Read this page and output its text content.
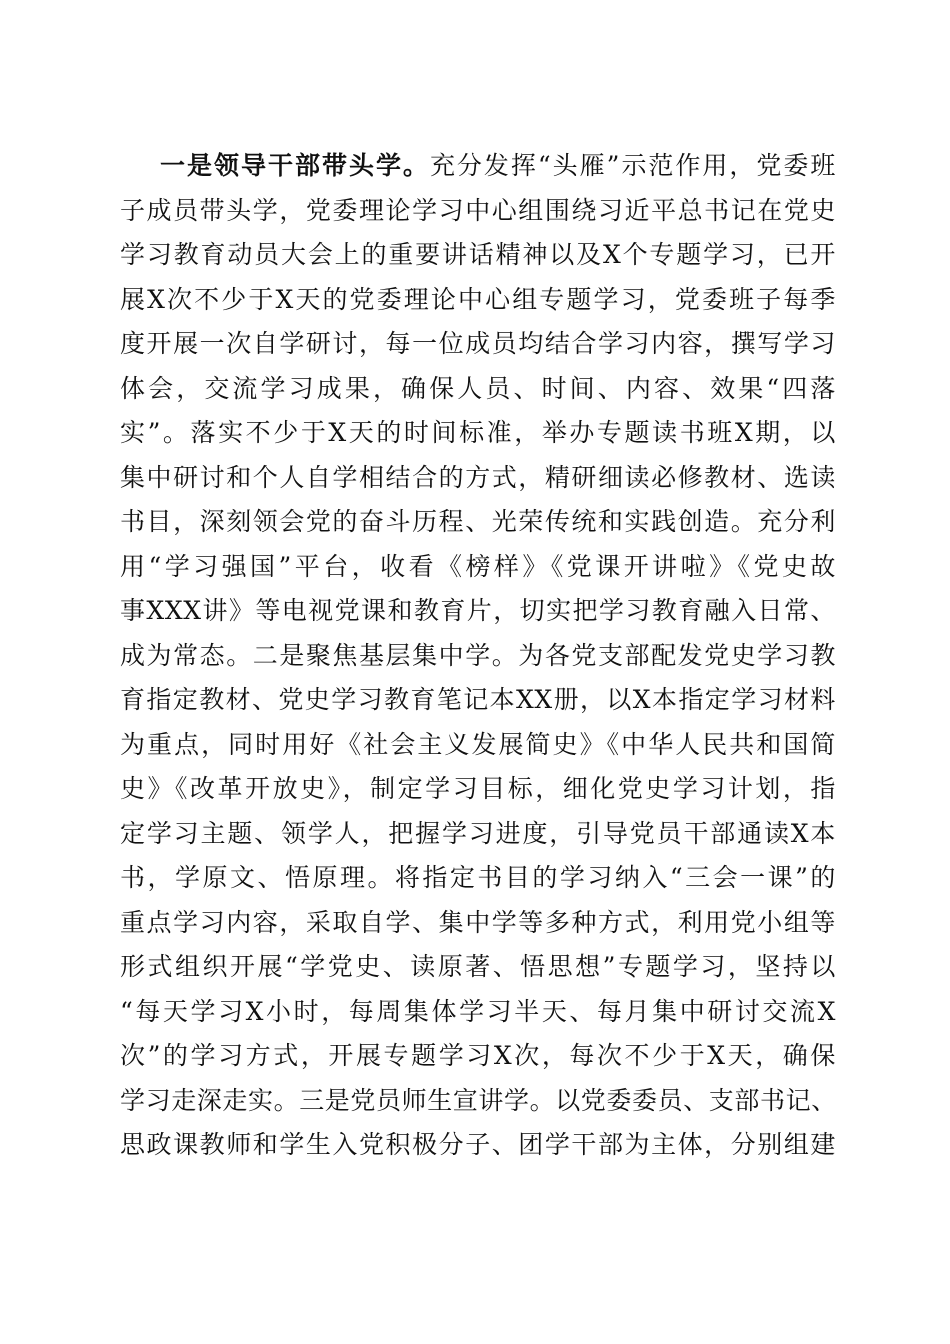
一是领导干部带头学。充分发挥“头雁”示范作用，党委班
子成员带头学，党委理论学习中心组围绕习近平总书记在党史
学习教育动员大会上的重要讲话精神以及X个专题学习，已开
展X次不少于X天的党委理论中心组专题学习，党委班子每季
度开展一次自学研讨，每一位成员均结合学习内容，撰写学习
体会，交流学习成果，确保人员、时间、内容、效果“四落
实”。落实不少于X天的时间标准，举办专题读书班X期，以
集中研讨和个人自学相结合的方式，精研细读必修教材、选读
书目，深刻领会党的奋斗历程、光荣传统和实践创造。充分利
用“学习强国”平台，收看《榜样》《党课开讲啦》《党史故
事XXX讲》等电视党课和教育片，切实把学习教育融入日常、
成为常态。二是聚焦基层集中学。为各党支部配发党史学习教
育指定教材、党史学习教育笔记本XX册，以X本指定学习材料
为重点，同时用好《社会主义发展简史》《中华人民共和国简
史》《改革开放史》，制定学习目标，细化党史学习计划，指
定学习主题、领学人，把握学习进度，引导党员干部通读X本
书，学原文、悟原理。将指定书目的学习纳入“三会一课”的
重点学习内容，采取自学、集中学等多种方式，利用党小组等
形式组织开展“学党史、读原著、悟思想”专题学习，坚持以
“每天学习X小时，每周集体学习半天、每月集中研讨交流X
次”的学习方式，开展专题学习X次，每次不少于X天，确保
学习走深走实。三是党员师生宣讲学。以党委委员、支部书记、
思政课教师和学生入党积极分子、团学干部为主体，分别组建
